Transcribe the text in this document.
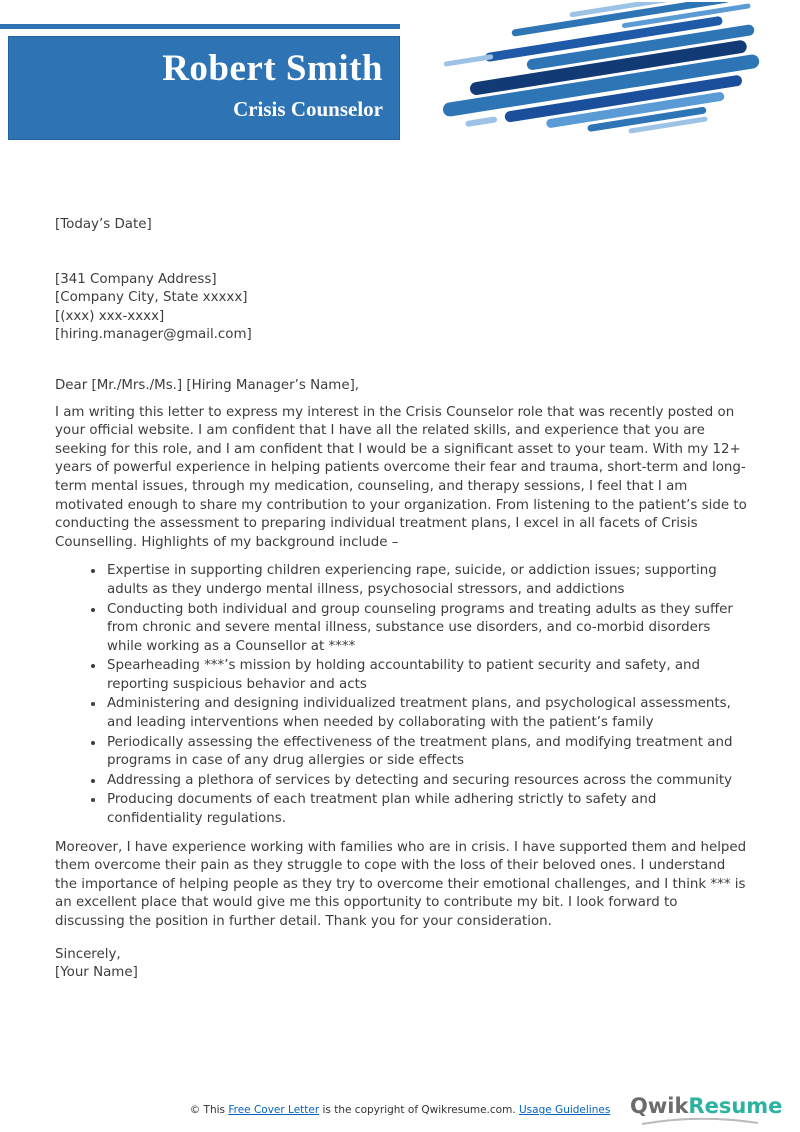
Robert Smith
Crisis Counselor

[Today’s Date]

[341 Company Address]
[Company City, State xxxxx]
[(xxx) xxx-xxxx]
[hiring.manager@gmail.com]

Dear [Mr./Mrs./Ms.] [Hiring Manager’s Name],

I am writing this letter to express my interest in the Crisis Counselor role that was recently posted on your official website. I am confident that I have all the related skills, and experience that you are seeking for this role, and I am confident that I would be a significant asset to your team. With my 12+ years of powerful experience in helping patients overcome their fear and trauma, short-term and long-term mental issues, through my medication, counseling, and therapy sessions, I feel that I am motivated enough to share my contribution to your organization. From listening to the patient’s side to conducting the assessment to preparing individual treatment plans, I excel in all facets of Crisis Counselling. Highlights of my background include –

• Expertise in supporting children experiencing rape, suicide, or addiction issues; supporting adults as they undergo mental illness, psychosocial stressors, and addictions
• Conducting both individual and group counseling programs and treating adults as they suffer from chronic and severe mental illness, substance use disorders, and co-morbid disorders while working as a Counsellor at ****
• Spearheading ***’s mission by holding accountability to patient security and safety, and reporting suspicious behavior and acts
• Administering and designing individualized treatment plans, and psychological assessments, and leading interventions when needed by collaborating with the patient’s family
• Periodically assessing the effectiveness of the treatment plans, and modifying treatment and programs in case of any drug allergies or side effects
• Addressing a plethora of services by detecting and securing resources across the community
• Producing documents of each treatment plan while adhering strictly to safety and confidentiality regulations.

Moreover, I have experience working with families who are in crisis. I have supported them and helped them overcome their pain as they struggle to cope with the loss of their beloved ones. I understand the importance of helping people as they try to overcome their emotional challenges, and I think *** is an excellent place that would give me this opportunity to contribute my bit. I look forward to discussing the position in further detail. Thank you for your consideration.

Sincerely,

[Your Name]

© This Free Cover Letter is the copyright of Qwikresume.com. Usage Guidelines QwikResume
